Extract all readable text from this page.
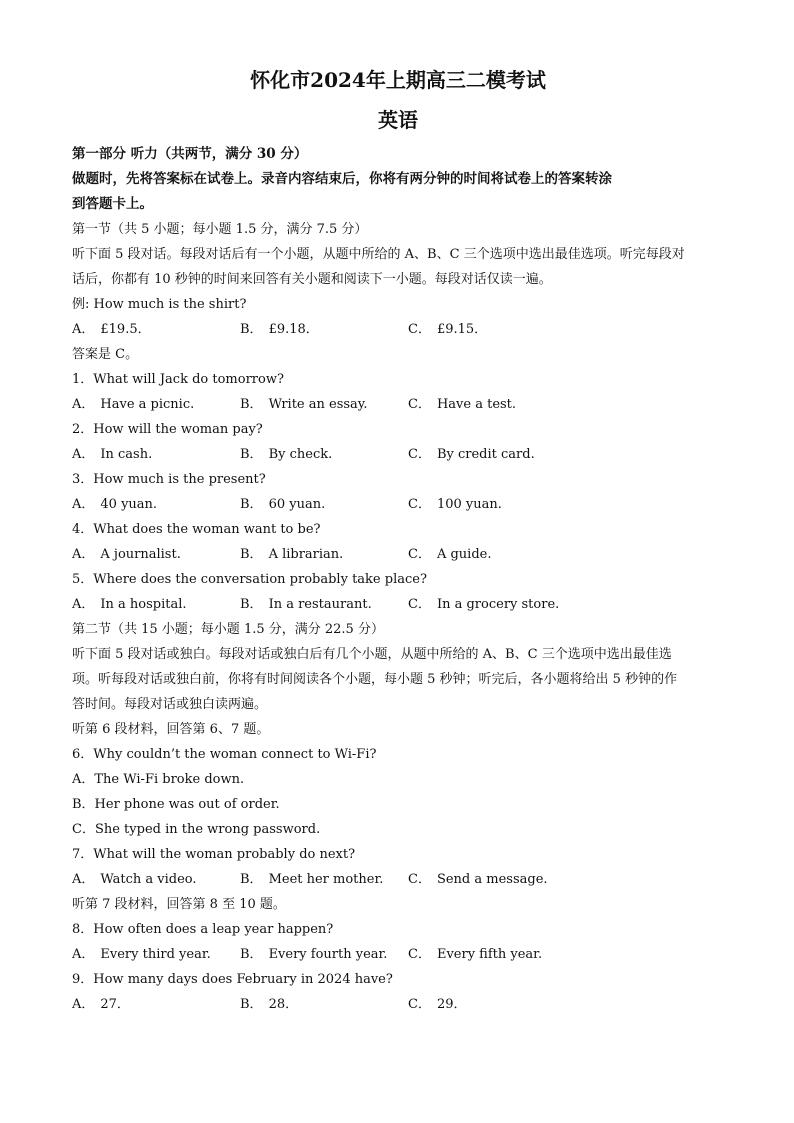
怀化市2024年上期高三二模考试

英语

第一部分 听力（共两节，满分 30 分）

做题时，先将答案标在试卷上。录音内容结束后，你将有两分钟的时间将试卷上的答案转涂

到答题卡上。

第一节（共 5 小题；每小题 1.5 分，满分 7.5 分）

听下面 5 段对话。每段对话后有一个小题，从题中所给的 A、B、C 三个选项中选出最佳选项。听完每段对

话后，你都有 10 秒钟的时间来回答有关小题和阅读下一小题。每段对话仅读一遍。

例: How much is the shirt?

A． £19.5．	B． £9.18．	C． £9.15．

答案是 C。

1．What will Jack do tomorrow?

A． Have a picnic.	B． Write an essay.	C． Have a test.

2．How will the woman pay?

A． In cash.	B． By check.	C． By credit card.

3．How much is the present?

A． 40 yuan.	B． 60 yuan.	C． 100 yuan.

4．What does the woman want to be?

A． A journalist.	B． A librarian.	C． A guide.

5．Where does the conversation probably take place?

A． In a hospital.	B． In a restaurant.	C． In a grocery store.

第二节（共 15 小题；每小题 1.5 分，满分 22.5 分）

听下面 5 段对话或独白。每段对话或独白后有几个小题，从题中所给的 A、B、C 三个选项中选出最佳选

项。听每段对话或独白前，你将有时间阅读各个小题，每小题 5 秒钟；听完后，各小题将给出 5 秒钟的作

答时间。每段对话或独白读两遍。

听第 6 段材料，回答第 6、7 题。

6．Why couldn’t the woman connect to Wi-Fi?

A．The Wi-Fi broke down.

B．Her phone was out of order.

C．She typed in the wrong password.

7．What will the woman probably do next?

A． Watch a video.	B． Meet her mother.	C． Send a message.

听第 7 段材料，回答第 8 至 10 题。

8．How often does a leap year happen?

A． Every third year.	B． Every fourth year.	C． Every fifth year.

9．How many days does February in 2024 have?

A． 27．	B． 28．	C． 29．
